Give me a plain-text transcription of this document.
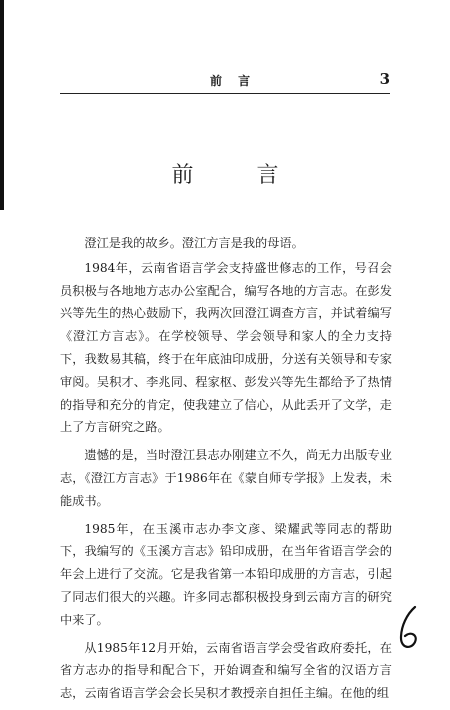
前 言	3
前 言

澄江是我的故乡。澄江方言是我的母语。

1984年，云南省语言学会支持盛世修志的工作，号召会员积极与各地地方志办公室配合，编写各地的方言志。在彭发兴等先生的热心鼓励下，我两次回澄江调查方言，并试着编写《澄江方言志》。在学校领导、学会领导和家人的全力支持下，我数易其稿，终于在年底油印成册，分送有关领导和专家审阅。吴积才、李兆同、程家枢、彭发兴等先生都给予了热情的指导和充分的肯定，使我建立了信心，从此丢开了文学，走上了方言研究之路。

遗憾的是，当时澄江县志办刚建立不久，尚无力出版专业志，《澄江方言志》于1986年在《蒙自师专学报》上发表，未能成书。

1985年，在玉溪市志办李文彦、梁耀武等同志的帮助下，我编写的《玉溪方言志》铅印成册，在当年省语言学会的年会上进行了交流。它是我省第一本铅印成册的方言志，引起了同志们很大的兴趣。许多同志都积极投身到云南方言的研究中来了。

从1985年12月开始，云南省语言学会受省政府委托，在省方志办的指导和配合下，开始调查和编写全省的汉语方言志，云南省语言学会会长吴积才教授亲自担任主编。在他的组
